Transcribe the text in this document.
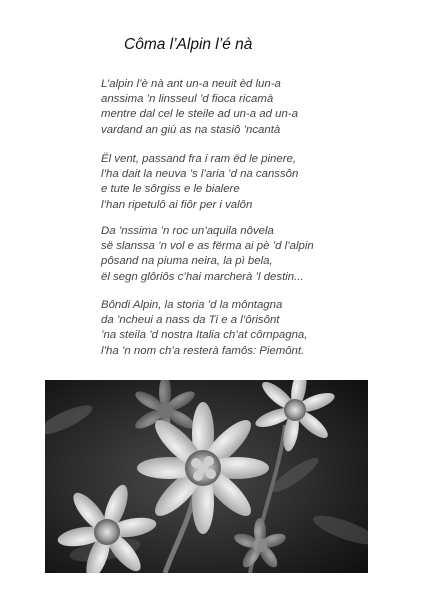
Côma l’Alpin l’é nà
L’alpin l’è nà ant un-a neuit èd lun-a
anssima ’n linsseul ’d fioca ricamà
mentre dal cel le steile ad un-a ad un-a
vardand an giù as na stasiô ’ncantà
Ël vent, passand fra i ram ëd le pinere,
l’ha dait la neuva ’s l’aria ’d na canssôn
e tute le sôrgiss e le bialere
l’han ripetulô ai fiôr per i valôn
Da ’nssima ’n roc un’aquila nôvela
së slanssa ’n vol e as fërma ai pè ’d l’alpin
pôsand na piuma neira, la pì bela,
ël segn glôriôs c’hai marcherà ’l destin...
Bôndi Alpin, la storia ’d la môntagna
da ’ncheui a nass da Ti e a l’ôrisônt
’na steila ’d nostra Italia ch’at côrnpagna,
l’ha ’n nom ch’a resterà famôs: Piemônt.
